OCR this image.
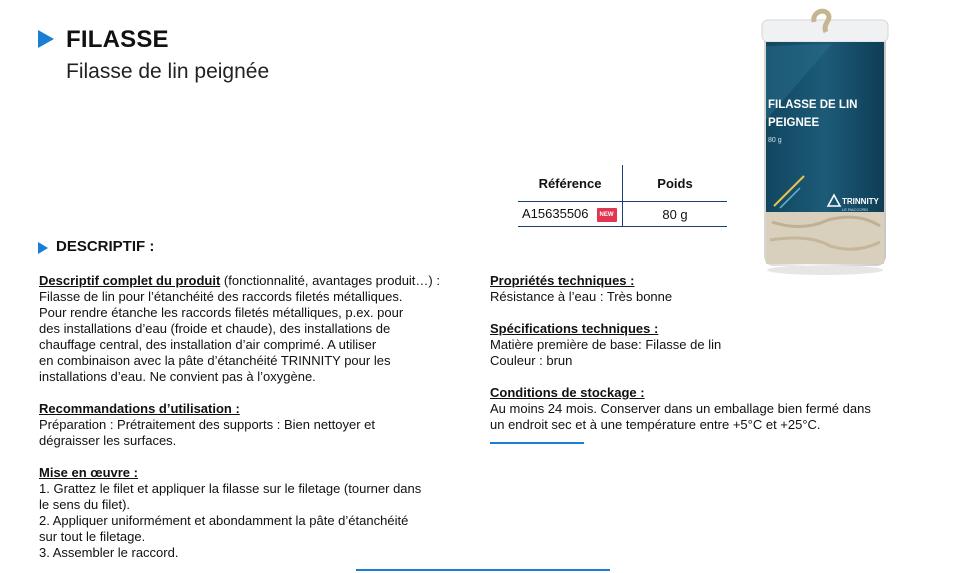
FILASSE
Filasse de lin peignée
FILASSE DE LIN
PEIGNEE
80 g
TRINNITY
LE RACCORD
Référence	Poids
A15635506 NEW	80 g
DESCRIPTIF :

Descriptif complet du produit (fonctionnalité, avantages produit…) :

Filasse de lin pour l’étanchéité des raccords filetés métalliques.

Pour rendre étanche les raccords filetés métalliques, p.ex. pour

des installations d’eau (froide et chaude), des installations de

chauffage central, des installation d’air comprimé. A utiliser

en combinaison avec la pâte d’étanchéité TRINNITY pour les

installations d’eau. Ne convient pas à l’oxygène.

Recommandations d’utilisation :

Préparation : Prétraitement des supports : Bien nettoyer et

dégraisser les surfaces.

Mise en œuvre :

1. Grattez le filet et appliquer la filasse sur le filetage (tourner dans

le sens du filet).

2. Appliquer uniformément et abondamment la pâte d’étanchéité

sur tout le filetage.

3. Assembler le raccord.

Propriétés techniques :

Résistance à l’eau : Très bonne

Spécifications techniques :

Matière première de base: Filasse de lin

Couleur : brun

Conditions de stockage :

Au moins 24 mois. Conserver dans un emballage bien fermé dans

un endroit sec et à une température entre +5°C et +25°C.
